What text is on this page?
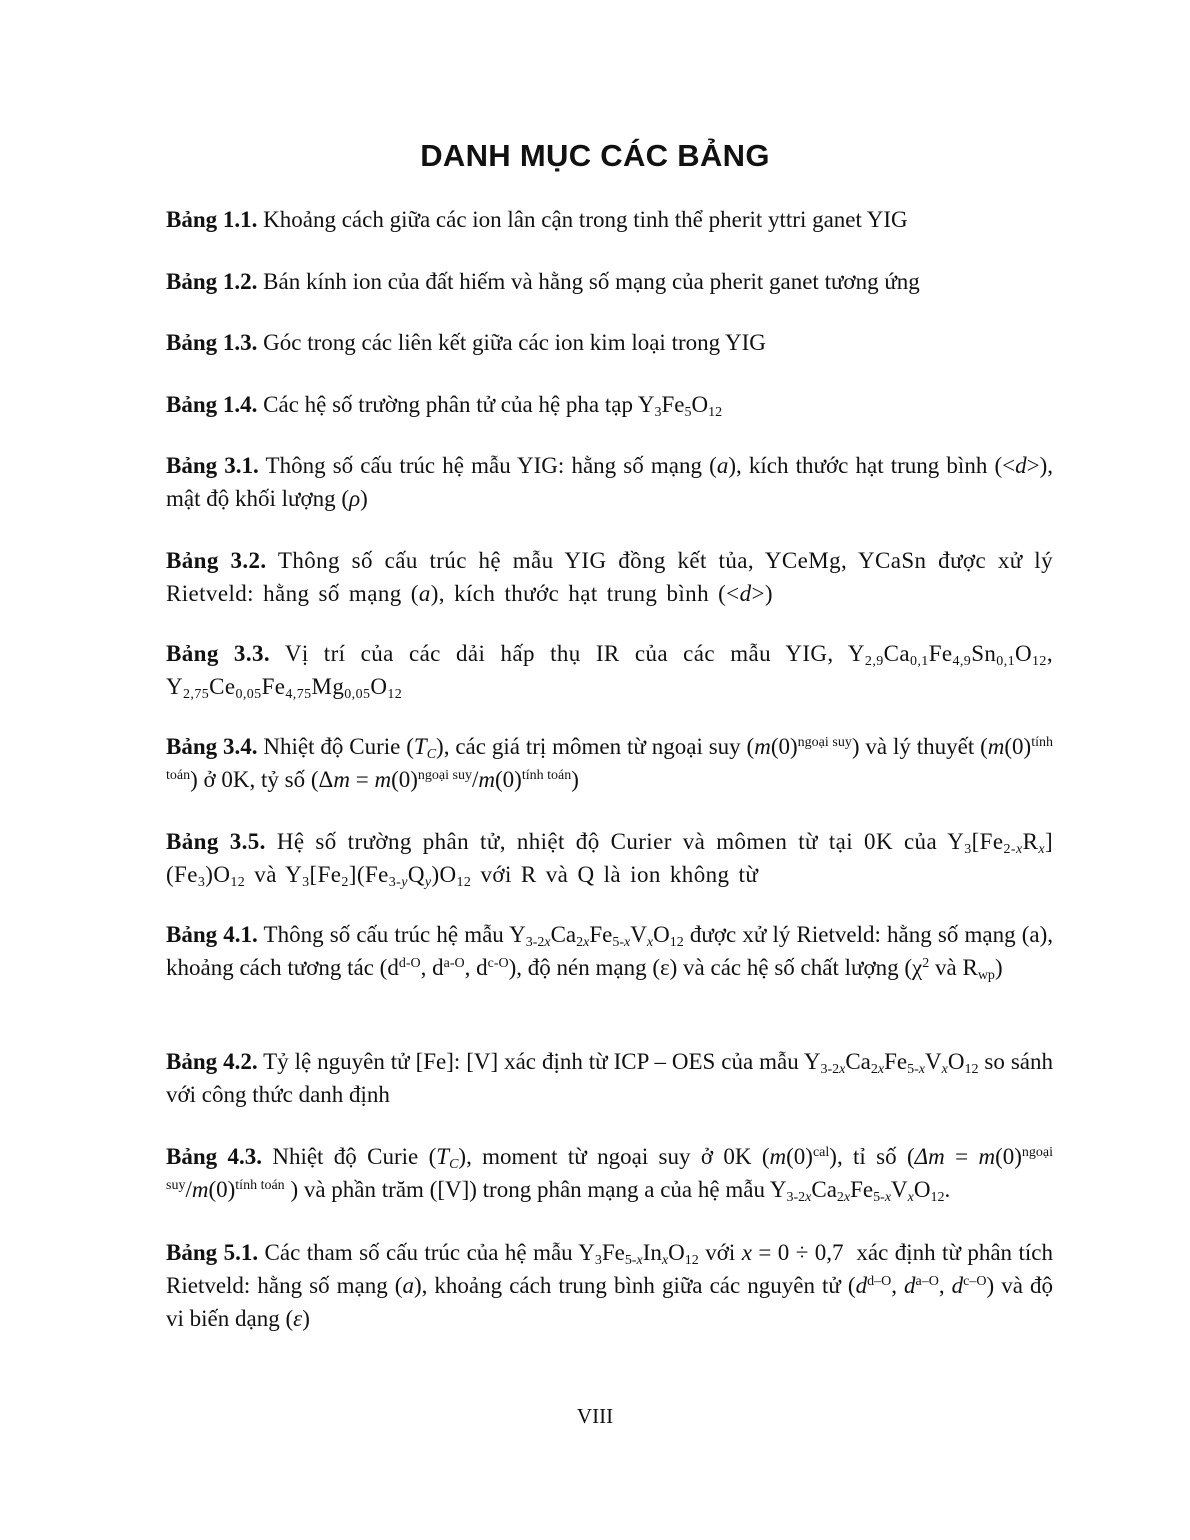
DANH MỤC CÁC BẢNG
Bảng 1.1. Khoảng cách giữa các ion lân cận trong tinh thể pherit yttri ganet YIG
Bảng 1.2. Bán kính ion của đất hiếm và hằng số mạng của pherit ganet tương ứng
Bảng 1.3. Góc trong các liên kết giữa các ion kim loại trong YIG
Bảng 1.4. Các hệ số trường phân tử của hệ pha tạp $Y_3Fe_5O_{12}$
Bảng 3.1. Thông số cấu trúc hệ mẫu YIG: hằng số mạng (a), kích thước hạt trung bình (<d>), mật độ khối lượng (ρ)
Bảng 3.2. Thông số cấu trúc hệ mẫu YIG đồng kết tủa, YCeMg, YCaSn được xử lý Rietveld: hằng số mạng (a), kích thước hạt trung bình (<d>)
Bảng 3.3. Vị trí của các dải hấp thụ IR của các mẫu YIG, $Y_{2,9}Ca_{0,1}Fe_{4,9}Sn_{0,1}O_{12}$, $Y_{2,75}Ce_{0,05}Fe_{4,75}Mg_{0,05}O_{12}$
Bảng 3.4. Nhiệt độ Curie $(T_C)$, các giá trị mômen từ ngoại suy $(m(0)^{ngoại suy})$ và lý thuyết $(m(0)^{tính toán})$ ở 0K, tỷ số $(\Delta m = m(0)^{ngoại suy}/m(0)^{tính toán})$
Bảng 3.5. Hệ số trường phân tử, nhiệt độ Curier và mômen từ tại 0K của $Y_3[Fe_{2-x}R_x](Fe_3)O_{12}$ và $Y_3[Fe_2](Fe_{3-y}Q_y)O_{12}$ với R và Q là ion không từ
Bảng 4.1. Thông số cấu trúc hệ mẫu $Y_{3-2x}Ca_{2x}Fe_{5-x}V_xO_{12}$ được xử lý Rietveld: hằng số mạng (a), khoảng cách tương tác ($d^{d-O}$, $d^{a-O}$, $d^{c-O}$), độ nén mạng (ε) và các hệ số chất lượng ($\chi^2$ và $R_{wp}$)
Bảng 4.2. Tỷ lệ nguyên tử [Fe]: [V] xác định từ ICP – OES của mẫu $Y_{3-2x}Ca_{2x}Fe_{5-x}V_xO_{12}$ so sánh với công thức danh định
Bảng 4.3. Nhiệt độ Curie $(T_C)$, moment từ ngoại suy ở 0K $(m(0)^{cal})$, tỉ số ($\Delta m = m(0)^{ngoại suy}/m(0)^{tính toán}$ ) và phần trăm ([V]) trong phân mạng a của hệ mẫu $Y_{3-2x}Ca_{2x}Fe_{5-x}V_xO_{12}$.
Bảng 5.1. Các tham số cấu trúc của hệ mẫu $Y_3Fe_{5-x}In_xO_{12}$ với x = 0 ÷ 0,7  xác định từ phân tích Rietveld: hằng số mạng (a), khoảng cách trung bình giữa các nguyên tử ($d^{d-O}$, $d^{a-O}$, $d^{c-O}$) và độ vi biến dạng (ε)
VIII
